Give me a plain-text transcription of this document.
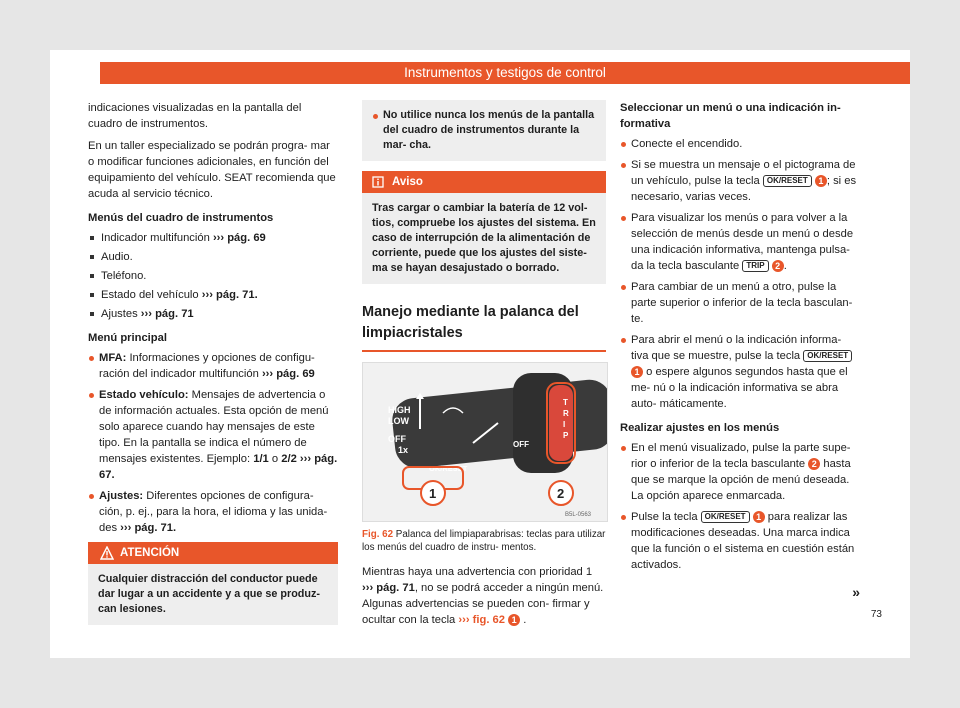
Instrumentos y testigos de control

indicaciones visualizadas en la pantalla del cuadro de instrumentos.

En un taller especializado se podrán progra- mar o modificar funciones adicionales, en función del equipamiento del vehículo. SEAT recomienda que acuda al servicio técnico.

Menús del cuadro de instrumentos
Indicador multifunción ››› pág. 69
Audio.
Teléfono.
Estado del vehículo ››› pág. 71.
Ajustes ››› pág. 71
Menú principal
MFA: Informaciones y opciones de configu- ración del indicador multifunción ››› pág. 69
Estado vehículo: Mensajes de advertencia o de información actuales. Esta opción de menú solo aparece cuando hay mensajes de este tipo. En la pantalla se indica el número de mensajes existentes. Ejemplo: 1/1 o 2/2 ››› pág. 67.
Ajustes: Diferentes opciones de configura- ción, p. ej., para la hora, el idioma y las unida- des ››› pág. 71.
ATENCIÓN
Cualquier distracción del conductor puede dar lugar a un accidente y a que se produz- can lesiones.
No utilice nunca los menús de la pantalla del cuadro de instrumentos durante la mar- cha.
Aviso
Tras cargar o cambiar la batería de 12 vol- tios, compruebe los ajustes del sistema. En caso de interrupción de la alimentación de corriente, puede que los ajustes del siste- ma se hayan desajustado o borrado.
Manejo mediante la palanca del limpiacristales
HIGH
LOW
OFF
1x
OK/RESET
OFF
T R I P
1	2
B5L-0563
Fig. 62 Palanca del limpiaparabrisas: teclas para utilizar los menús del cuadro de instru- mentos.

Mientras haya una advertencia con prioridad 1 ››› pág. 71, no se podrá acceder a ningún menú. Algunas advertencias se pueden con- firmar y ocultar con la tecla ››› fig. 62 1 .

Seleccionar un menú o una indicación in- formativa
Conecte el encendido.
Si se muestra un mensaje o el pictograma de un vehículo, pulse la tecla OK/RESET 1 ; si es necesario, varias veces.
Para visualizar los menús o para volver a la selección de menús desde un menú o desde una indicación informativa, mantenga pulsa- da la tecla basculante TRIP 2 .
Para cambiar de un menú a otro, pulse la parte superior o inferior de la tecla basculan- te.
Para abrir el menú o la indicación informa- tiva que se muestre, pulse la tecla OK/RESET 1 o espere algunos segundos hasta que el me- nú o la indicación informativa se abra auto- máticamente.
Realizar ajustes en los menús
En el menú visualizado, pulse la parte supe- rior o inferior de la tecla basculante 2 hasta que se marque la opción de menú deseada. La opción aparece enmarcada.
Pulse la tecla OK/RESET 1 para realizar las modificaciones deseadas. Una marca indica que la función o el sistema en cuestión están activados.
»
73
